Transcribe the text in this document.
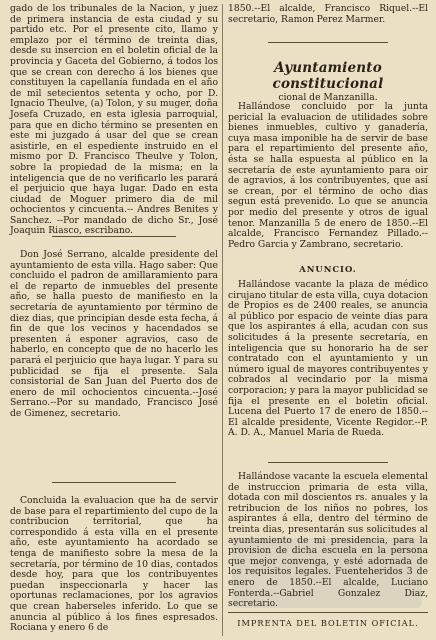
gado de los tribunales de la Nacion, y juez de primera instancia de esta ciudad y su partido etc. Por el presente cito, llamo y emplazo por el término de treinta dias, desde su insercion en el boletin oficial de la provincia y Gaceta del Gobierno, á todos los que se crean con derecho á los bienes que constituyen la capellanía fundada en el año de mil setecientos setenta y ocho, por D. Ignacio Theulve, (a) Tolon, y su muger, doña Josefa Cruzado, en esta iglesia parroquial, para que en dicho término se presenten en este mi juzgado á usar del que se crean asistirle, en el espediente instruido en el mismo por D. Francisco Theulve y Tolon, sobre la propiedad de la misma; en la inteligencia que de no verificarlo les parará el perjuicio que haya lugar. Dado en esta ciudad de Moguer primero dia de mil ochocientos y cincuenta.-- Andres Benites y Sanchez. --Por mandado de dicho Sr., José Joaquin Riasco, escribano.

Don José Serrano, alcalde presidente del ayuntamiento de esta villa. Hago saber: Que concluido el padron de amillaramiento para el de reparto de inmuebles del presente año, se halla puesto de manifiesto en la secretaría de ayuntamiento por término de diez dias, que principian desde esta fecha, á fin de que los vecinos y hacendados se presenten á esponer agravios, caso de haberlo, en concepto que de no hacerlo les parará el perjuicio que haya lugar. Y para su publicidad se fija el presente. Sala consistorial de San Juan del Puerto dos de enero de mil ochocientos cincuenta.--José Serrano.--Por su mandado, Francisco José de Gimenez, secretario.

Concluida la evaluacion que ha de servir de base para el repartimiento del cupo de la contribucion territorial, que ha correspondido á esta villa en el presente año, este ayuntamiento ha acordado se tenga de manifiesto sobre la mesa de la secretaría, por término de 10 dias, contados desde hoy, para que los contribuyentes puedan inspeccionarla y hacer las oportunas reclamaciones, por los agravios que crean haberseles inferido. Lo que se anuncia al público á los fines espresados. Rociana y enero 6 de

1850.--El alcalde, Francisco Riquel.--El secretario, Ramon Perez Marmer.

Ayuntamiento constitucional

cional de Manzanilla.

Hallándose concluido por la junta pericial la evaluacion de utilidades sobre bienes inmuebles, cultivo y ganadería, cuya masa imponible ha de servir de base para el repartimiento del presente año, ésta se halla espuesta al público en la secretaría de este ayuntamiento para oir de agravios, á los contribuyentes, que así se crean, por el término de ocho dias segun está prevenido. Lo que se anuncia por medio del presente y otros de igual tenor. Manzanilla 5 de enero de 1850.--El alcalde, Francisco Fernandez Pillado.--Pedro Garcia y Zambrano, secretario.

ANUNCIO.

Hallándose vacante la plaza de médico cirujano titular de esta villa, cuya dotacion de Propios es de 2400 reales, se anuncia al público por espacio de veinte dias para que los aspirantes á ella, acudan con sus solicitudes á la presente secretaría, en inteligencia que su honorario ha de ser contratado con el ayuntamiento y un número igual de mayores contribuyentes y cobrados al vecindario por la misma corporacion; y para la mayor publicidad se fija el presente en el boletin oficial. Lucena del Puerto 17 de enero de 1850.--El alcalde presidente, Vicente Regidor.--P. A. D. A., Manuel Maria de Rueda.

Hallándose vacante la escuela elemental de instruccion primaria de esta villa, dotada con mil doscientos rs. anuales y la retribucion de los niños no pobres, los aspirantes á ella, dentro del término de treinta dias, presentarán sus solicitudes al ayuntamiento de mi presidencia, para la provision de dicha escuela en la persona que mejor convenga, y esté adornada de los requisitos legales. Fuenteheridos 3 de enero de 1850.--El alcalde, Luciano Fonterda.--Gabriel Gonzalez Diaz, secretario.

IMPRENTA DEL BOLETIN OFICIAL.
